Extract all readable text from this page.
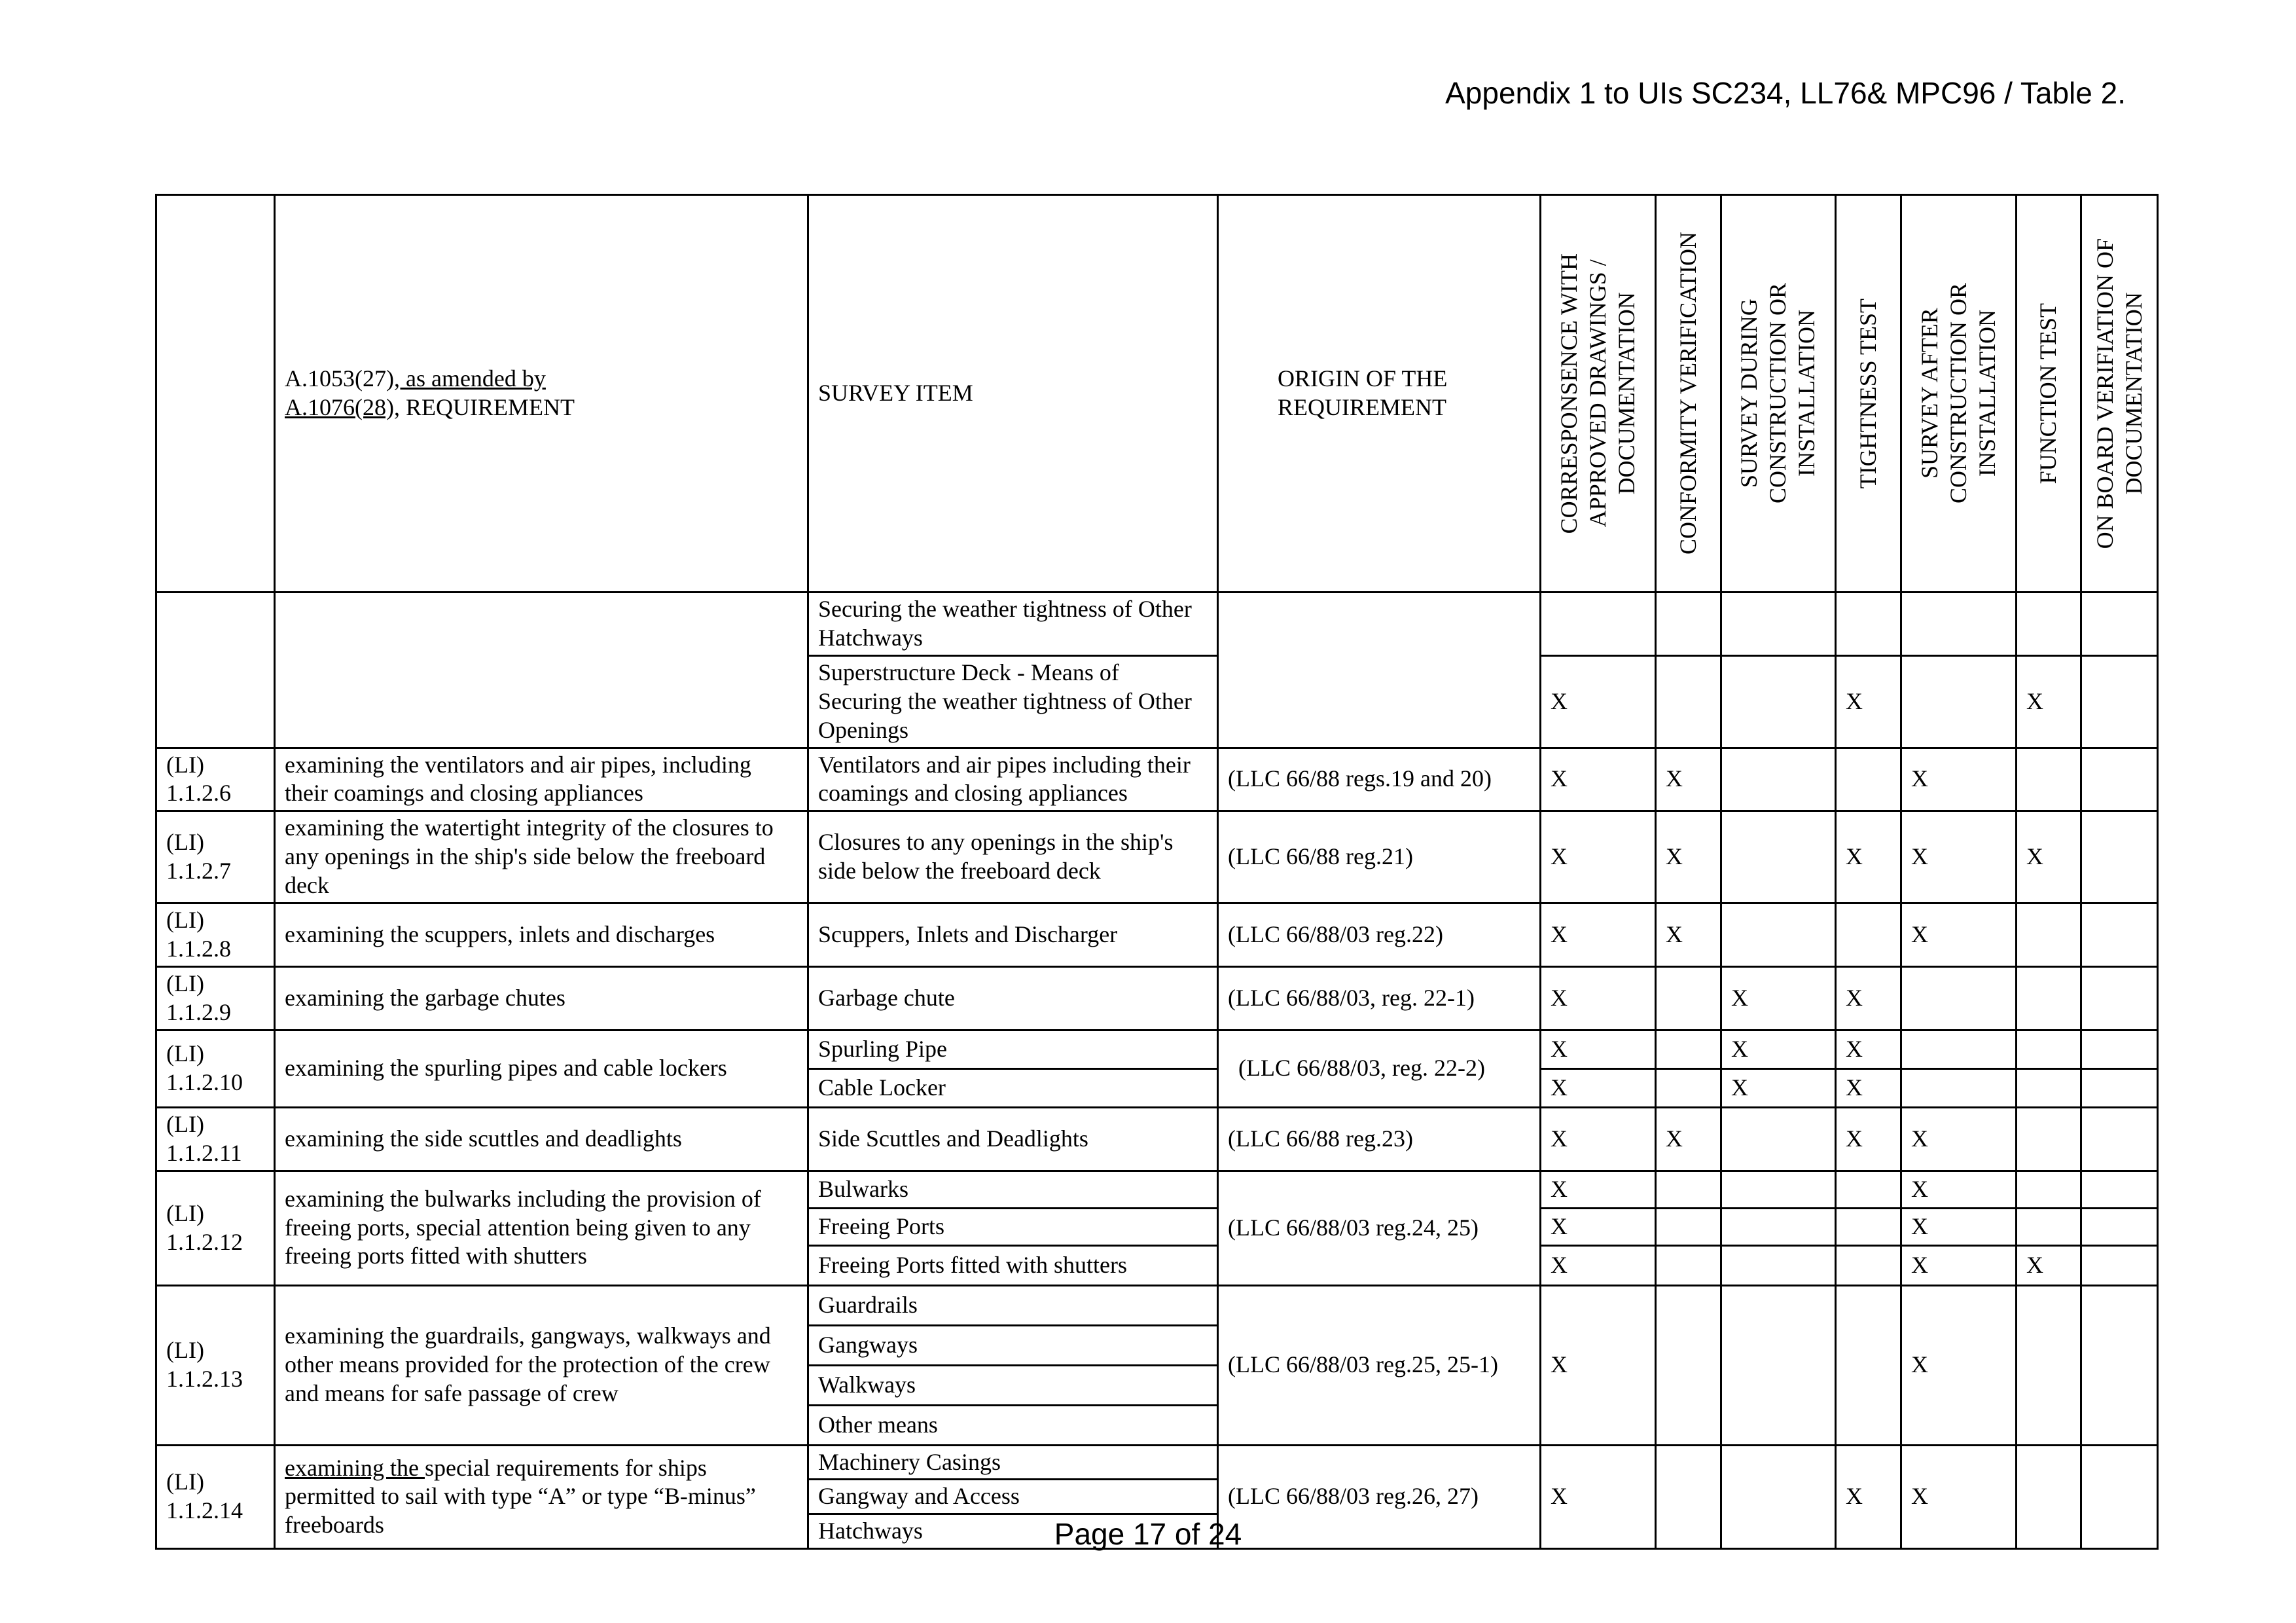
Appendix 1 to UIs SC234, LL76& MPC96 / Table 2.
	A.1053(27), as amended by
A.1076(28), REQUIREMENT	SURVEY ITEM	ORIGIN OF THE REQUIREMENT	CORRESPONSENCE WITH APPROVED DRAWINGS / DOCUMENTATION	CONFORMITY VERIFICATION	SURVEY DURING CONSTRUCTION OR INSTALLATION	TIGHTNESS TEST	SURVEY AFTER CONSTRUCTION OR INSTALLATION	FUNCTION TEST	ON BOARD VERIFIATION OF DOCUMENTATION

		Securing the weather tightness of Other Hatchways								
		Superstructure Deck - Means of Securing the weather tightness of Other Openings		X			X		X	
(LI) 1.1.2.6	examining the ventilators and air pipes, including their coamings and closing appliances	Ventilators and air pipes including their coamings and closing appliances	(LLC 66/88 regs.19 and 20)	X	X			X		
(LI) 1.1.2.7	examining the watertight integrity of the closures to any openings in the ship's side below the freeboard deck	Closures to any openings in the ship's side below the freeboard deck	(LLC 66/88 reg.21)	X	X		X	X	X	
(LI) 1.1.2.8	examining the scuppers, inlets and discharges	Scuppers, Inlets and Discharger	(LLC 66/88/03 reg.22)	X	X			X		
(LI) 1.1.2.9	examining the garbage chutes	Garbage chute	(LLC 66/88/03, reg. 22-1)	X		X	X			
(LI) 1.1.2.10	examining the spurling pipes and cable lockers	Spurling Pipe	(LLC 66/88/03, reg. 22-2)	X		X	X			
		Cable Locker		X		X	X			
(LI) 1.1.2.11	examining the side scuttles and deadlights	Side Scuttles and Deadlights	(LLC 66/88 reg.23)	X	X		X	X		
(LI) 1.1.2.12	examining the bulwarks including the provision of freeing ports, special attention being given to any freeing ports fitted with shutters	Bulwarks	(LLC 66/88/03 reg.24, 25)	X				X		
		Freeing Ports		X				X		
		Freeing Ports fitted with shutters		X				X	X	
(LI) 1.1.2.13	examining the guardrails, gangways, walkways and other means provided for the protection of the crew and means for safe passage of crew	Guardrails	(LLC 66/88/03 reg.25, 25-1)	X				X		
		Gangways								
		Walkways								
		Other means								
(LI) 1.1.2.14	examining the special requirements for ships permitted to sail with type “A” or type “B-minus” freeboards	Machinery Casings	(LLC 66/88/03 reg.26, 27)	X			X	X		
		Gangway and Access								
		Hatchways									Page 17 of 24
